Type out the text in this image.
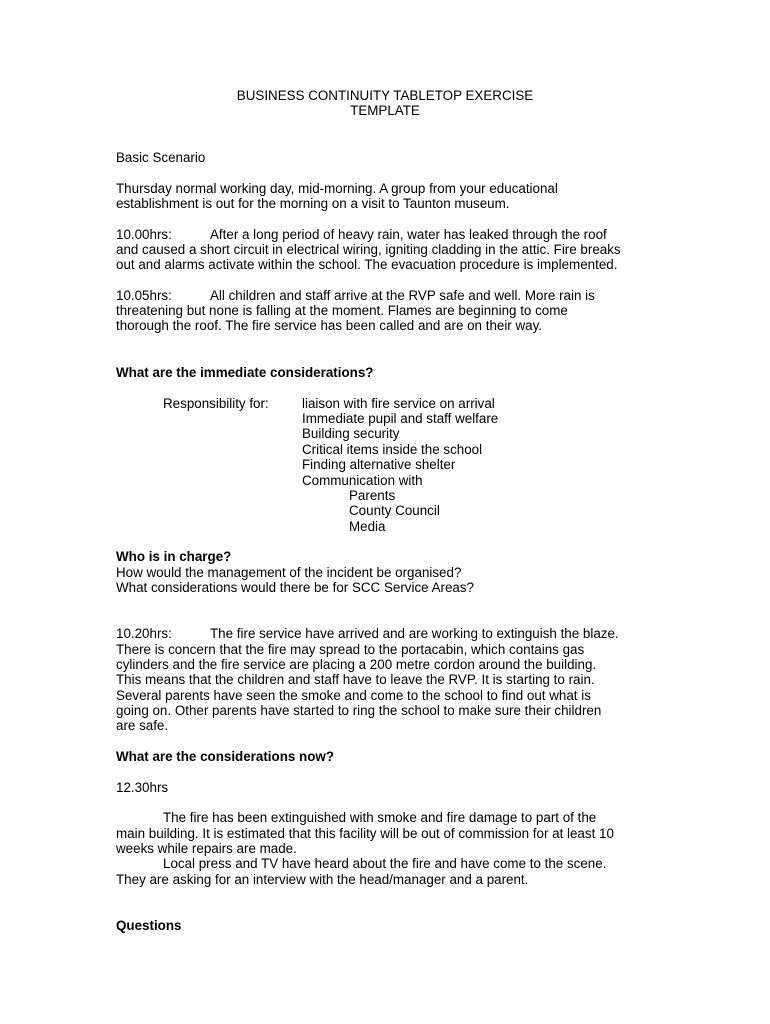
BUSINESS CONTINUITY TABLETOP EXERCISE
TEMPLATE
Basic Scenario
Thursday normal working day, mid-morning. A group from your educational
establishment is out for the morning on a visit to Taunton museum.
10.00hrs:	After a long period of heavy rain, water has leaked through the roof
and caused a short circuit in electrical wiring, igniting cladding in the attic. Fire breaks
out and alarms activate within the school. The evacuation procedure is implemented.
10.05hrs:	All children and staff arrive at the RVP safe and well. More rain is
threatening but none is falling at the moment. Flames are beginning to come
thorough the roof. The fire service has been called and are on their way.
What are the immediate considerations?
Responsibility for: liaison with fire service on arrival
Immediate pupil and staff welfare
Building security
Critical items inside the school
Finding alternative shelter
Communication with
Parents
County Council
Media
Who is in charge?
How would the management of the incident be organised?
What considerations would there be for SCC Service Areas?
10.20hrs:	The fire service have arrived and are working to extinguish the blaze.
There is concern that the fire may spread to the portacabin, which contains gas
cylinders and the fire service are placing a 200 metre cordon around the building.
This means that the children and staff have to leave the RVP. It is starting to rain.
Several parents have seen the smoke and come to the school to find out what is
going on. Other parents have started to ring the school to make sure their children
are safe.
What are the considerations now?
12.30hrs
The fire has been extinguished with smoke and fire damage to part of the
main building. It is estimated that this facility will be out of commission for at least 10
weeks while repairs are made.
Local press and TV have heard about the fire and have come to the scene.
They are asking for an interview with the head/manager and a parent.
Questions
